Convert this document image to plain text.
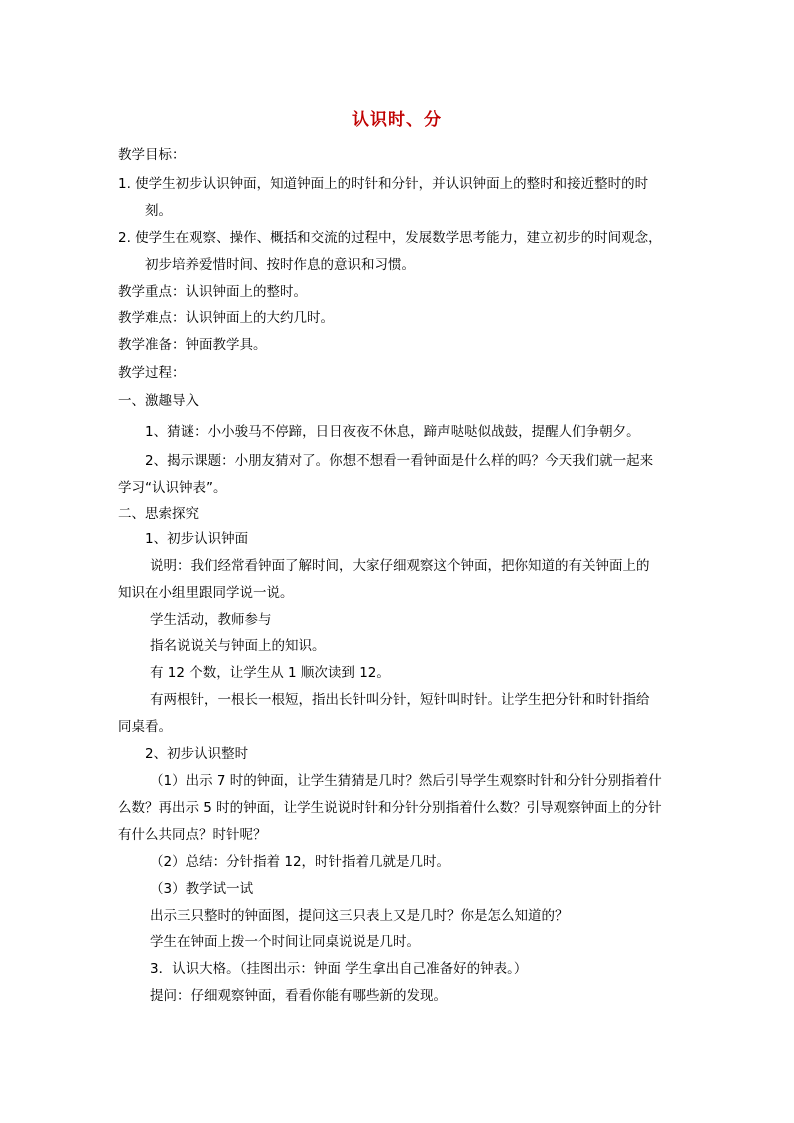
认识时、分
教学目标：
1. 使学生初步认识钟面，知道钟面上的时针和分针，并认识钟面上的整时和接近整时的时
刻。
2. 使学生在观察、操作、概括和交流的过程中，发展数学思考能力，建立初步的时间观念，
初步培养爱惜时间、按时作息的意识和习惯。
教学重点：认识钟面上的整时。
教学难点：认识钟面上的大约几时。
教学准备：钟面教学具。
教学过程：
一、激趣导入
1、猜谜：小小骏马不停蹄，日日夜夜不休息，蹄声哒哒似战鼓，提醒人们争朝夕。
2、揭示课题：小朋友猜对了。你想不想看一看钟面是什么样的吗？今天我们就一起来
学习“认识钟表”。
二、思索探究
1、初步认识钟面
说明：我们经常看钟面了解时间，大家仔细观察这个钟面，把你知道的有关钟面上的
知识在小组里跟同学说一说。
学生活动，教师参与
指名说说关与钟面上的知识。
有 12 个数，让学生从 1 顺次读到 12。
有两根针，一根长一根短，指出长针叫分针，短针叫时针。让学生把分针和时针指给
同桌看。
2、初步认识整时
（1）出示 7 时的钟面，让学生猜猜是几时？然后引导学生观察时针和分针分别指着什
么数？再出示 5 时的钟面，让学生说说时针和分针分别指着什么数？引导观察钟面上的分针
有什么共同点？时针呢？
（2）总结：分针指着 12，时针指着几就是几时。
（3）教学试一试
出示三只整时的钟面图，提问这三只表上又是几时？你是怎么知道的？
学生在钟面上拨一个时间让同桌说说是几时。
3．认识大格。（挂图出示：钟面 学生拿出自己准备好的钟表。）
提问：仔细观察钟面，看看你能有哪些新的发现。
